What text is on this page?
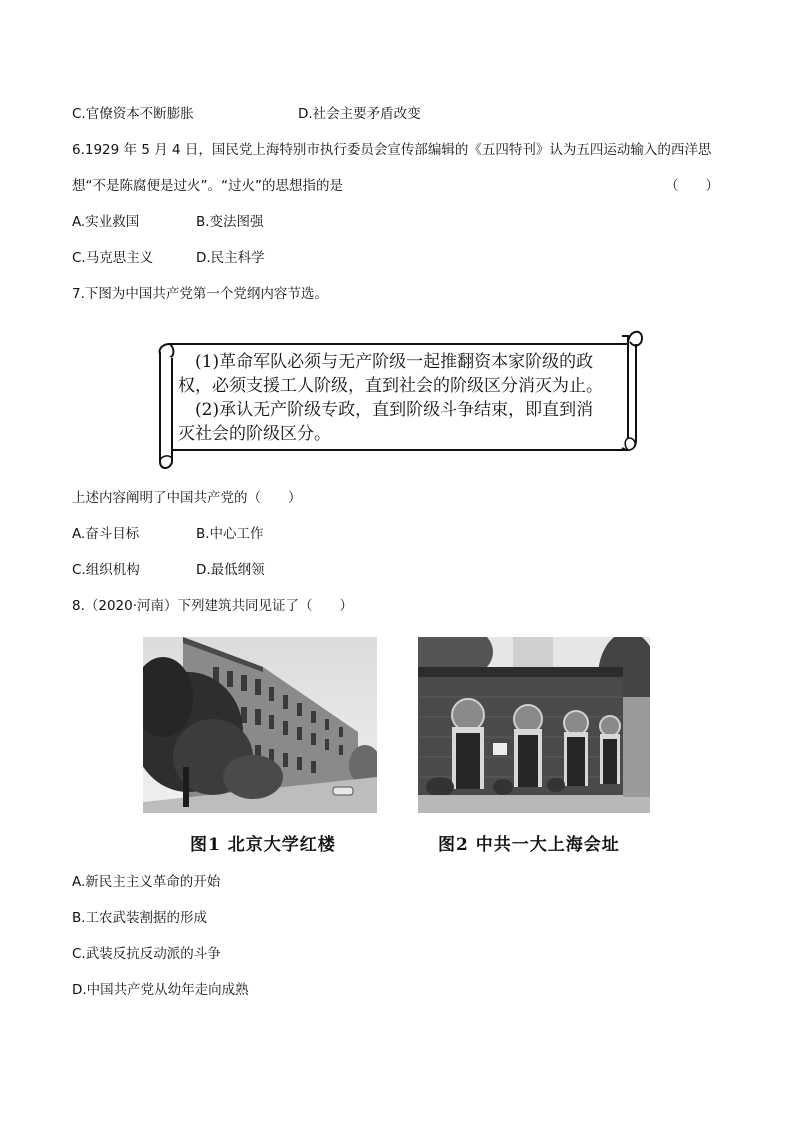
C.官僚资本不断膨胀	D.社会主要矛盾改变
6.1929 年 5 月 4 日，国民党上海特别市执行委员会宣传部编辑的《五四特刊》认为五四运动输入的西洋思
想“不是陈腐便是过火”。“过火”的思想指的是	（　　）
A.实业救国	B.变法图强
C.马克思主义	D.民主科学
7.下图为中国共产党第一个党纲内容节选。
　(1)革命军队必须与无产阶级一起推翻资本家阶级的政
权，必须支援工人阶级，直到社会的阶级区分消灭为止。
　(2)承认无产阶级专政，直到阶级斗争结束，即直到消
灭社会的阶级区分。
上述内容阐明了中国共产党的（　　）
A.奋斗目标	B.中心工作
C.组织机构	D.最低纲领
8.（2020·河南）下列建筑共同见证了（　　）
图1 北京大学红楼	图2 中共一大上海会址
A.新民主主义革命的开始
B.工农武装割据的形成
C.武装反抗反动派的斗争
D.中国共产党从幼年走向成熟
